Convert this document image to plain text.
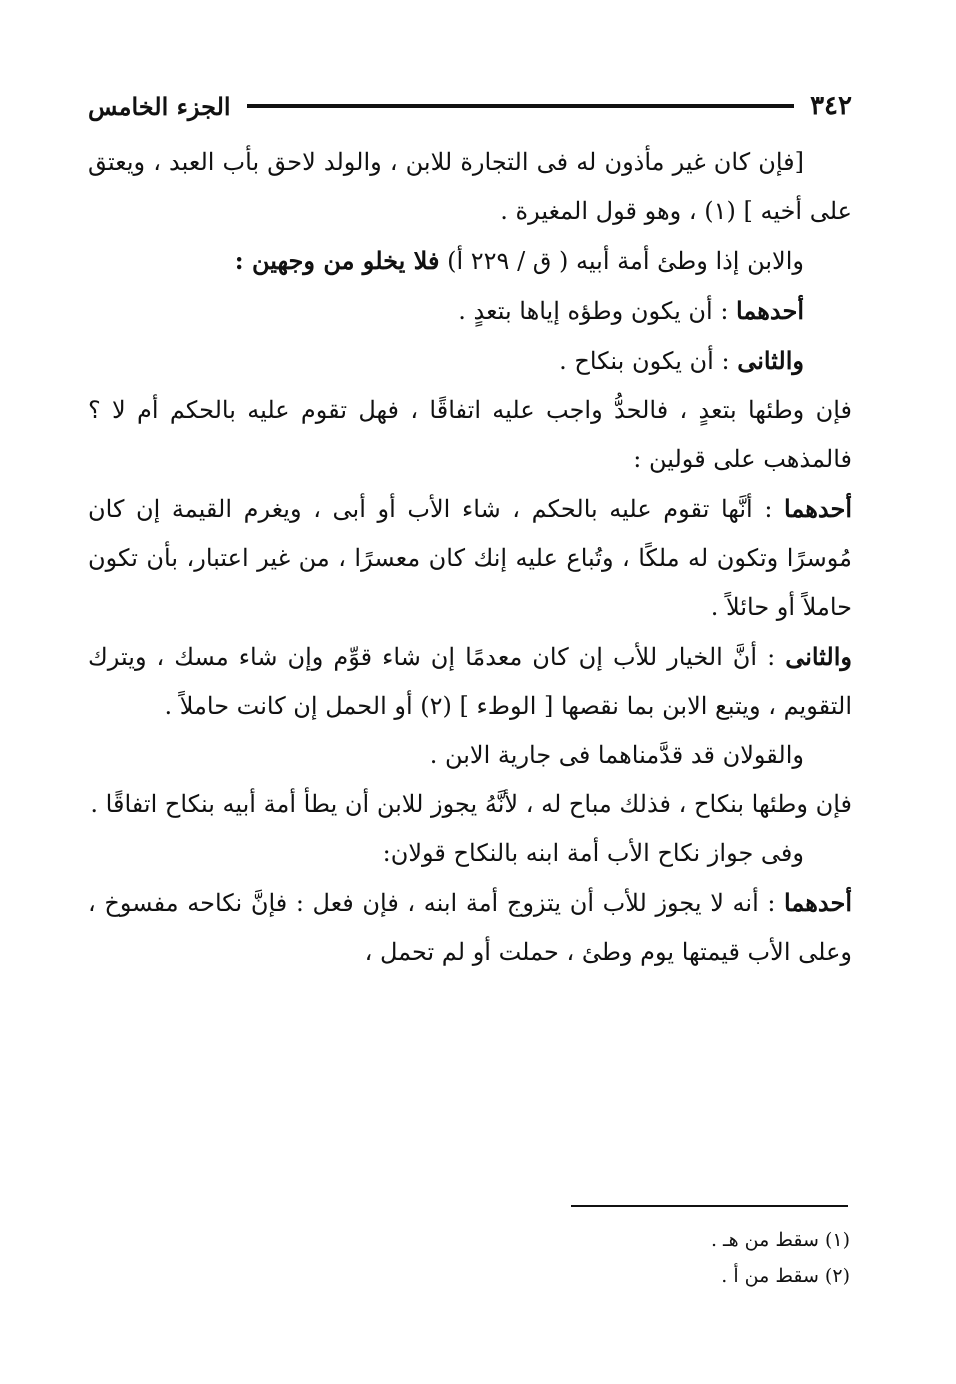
٣٤٢
الجزء الخامس

[فإن كان غير مأذون له فى التجارة للابن ، والولد لاحق بأب العبد ، ويعتق على أخيه ] (١) ، وهو قول المغيرة .

والابن إذا وطئ أمة أبيه ( ق / ٢٢٩ أ) فلا يخلو من وجهين :

أحدهما : أن يكون وطؤه إياها بتعدٍ .

والثانى : أن يكون بنكاح .

فإن وطئها بتعدٍ ، فالحدُّ واجب عليه اتفاقًا ، فهل تقوم عليه بالحكم أم لا ؟ فالمذهب على قولين :

أحدهما : أنَّها تقوم عليه بالحكم ، شاء الأب أو أبى ، ويغرم القيمة إن كان مُوسرًا وتكون له ملكًا ، وتُباع عليه إنك كان معسرًا ، من غير اعتبار، بأن تكون حاملاً أو حائلاً .

والثانى : أنَّ الخيار للأب إن كان معدمًا إن شاء قوِّم وإن شاء مسك ، ويترك التقويم ، ويتبع الابن بما نقصها [ الوطء ] (٢) أو الحمل إن كانت حاملاً .

والقولان قد قدَّمناهما فى جارية الابن .

فإن وطئها بنكاح ، فذلك مباح له ، لأنَّهُ يجوز للابن أن يطأ أمة أبيه بنكاح اتفاقًا .

وفى جواز نكاح الأب أمة ابنه بالنكاح قولان:

أحدهما : أنه لا يجوز للأب أن يتزوج أمة ابنه ، فإن فعل : فإنَّ نكاحه مفسوخ ، وعلى الأب قيمتها يوم وطئ ، حملت أو لم تحمل ،

(١) سقط من هـ .
(٢) سقط من أ .
